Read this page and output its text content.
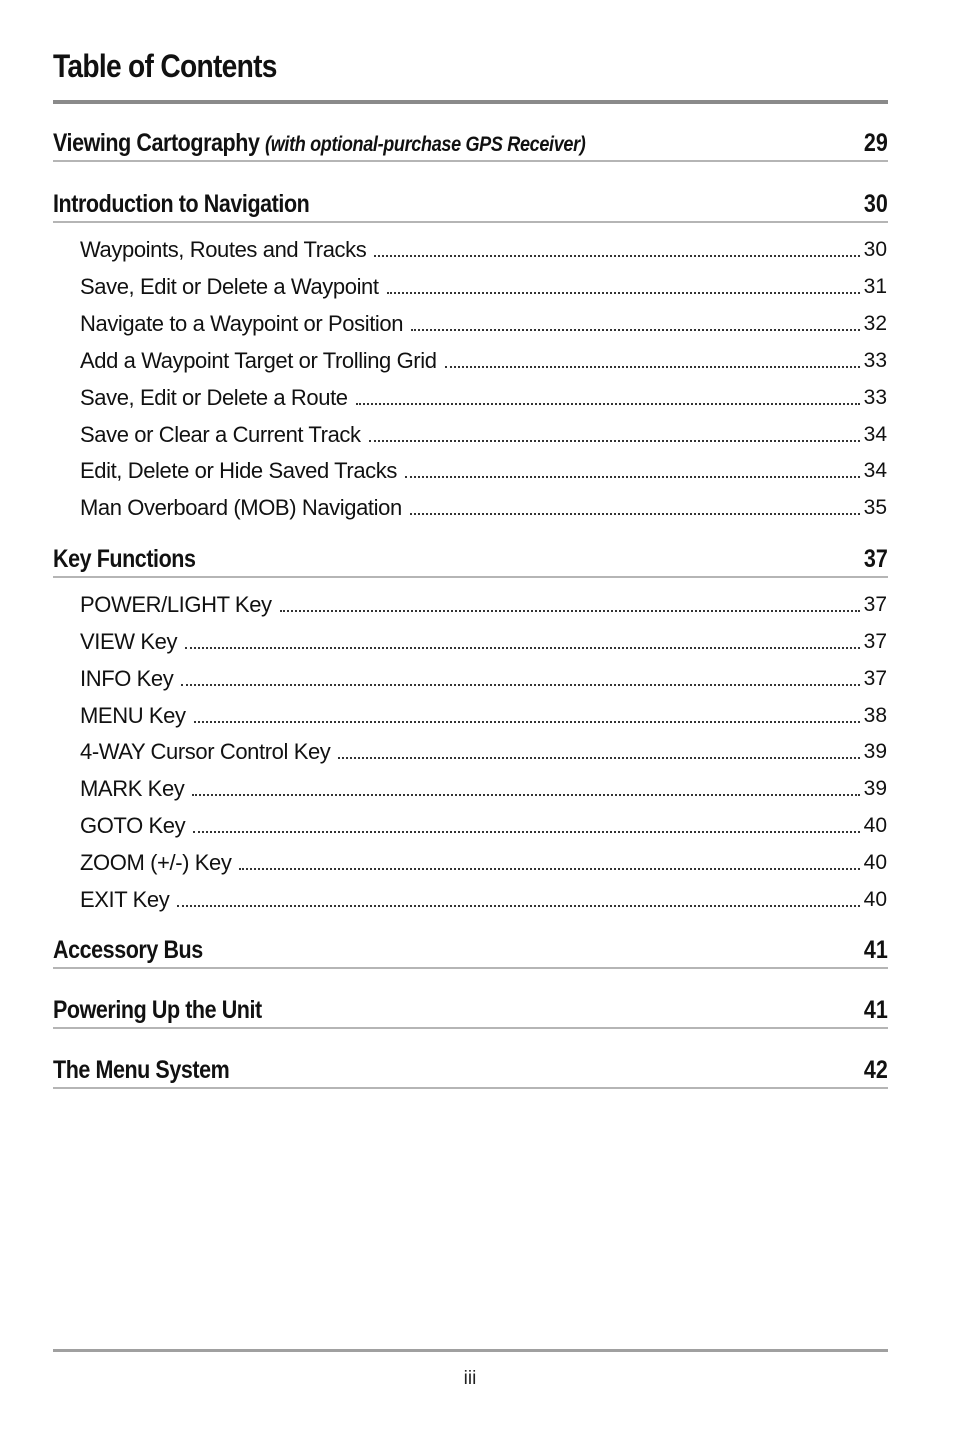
Table of Contents
Viewing Cartography (with optional-purchase GPS Receiver)	29
Introduction to Navigation	30
Waypoints, Routes and Tracks	30
Save, Edit or Delete a Waypoint	31
Navigate to a Waypoint or Position	32
Add a Waypoint Target or Trolling Grid	33
Save, Edit or Delete a Route	33
Save or Clear a Current Track	34
Edit, Delete or Hide Saved Tracks	34
Man Overboard (MOB) Navigation	35
Key Functions	37
POWER/LIGHT Key	37
VIEW Key	37
INFO Key	37
MENU Key	38
4-WAY Cursor Control Key	39
MARK Key	39
GOTO Key	40
ZOOM (+/-) Key	40
EXIT Key	40
Accessory Bus	41
Powering Up the Unit	41
The Menu System	42
iii
